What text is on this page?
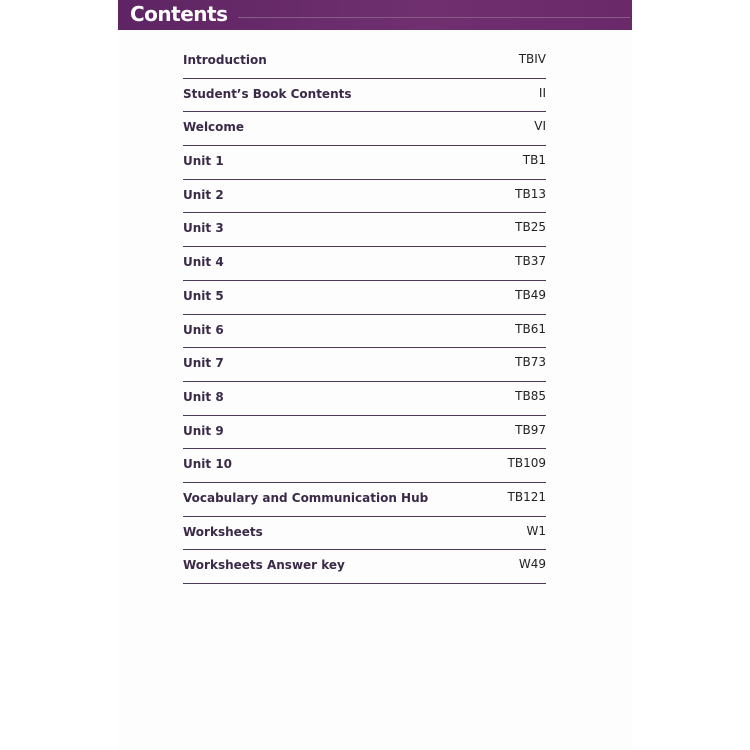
Contents
Introduction	TBIV
Student’s Book Contents	II
Welcome	VI
Unit 1	TB1
Unit 2	TB13
Unit 3	TB25
Unit 4	TB37
Unit 5	TB49
Unit 6	TB61
Unit 7	TB73
Unit 8	TB85
Unit 9	TB97
Unit 10	TB109
Vocabulary and Communication Hub	TB121
Worksheets	W1
Worksheets Answer key	W49
